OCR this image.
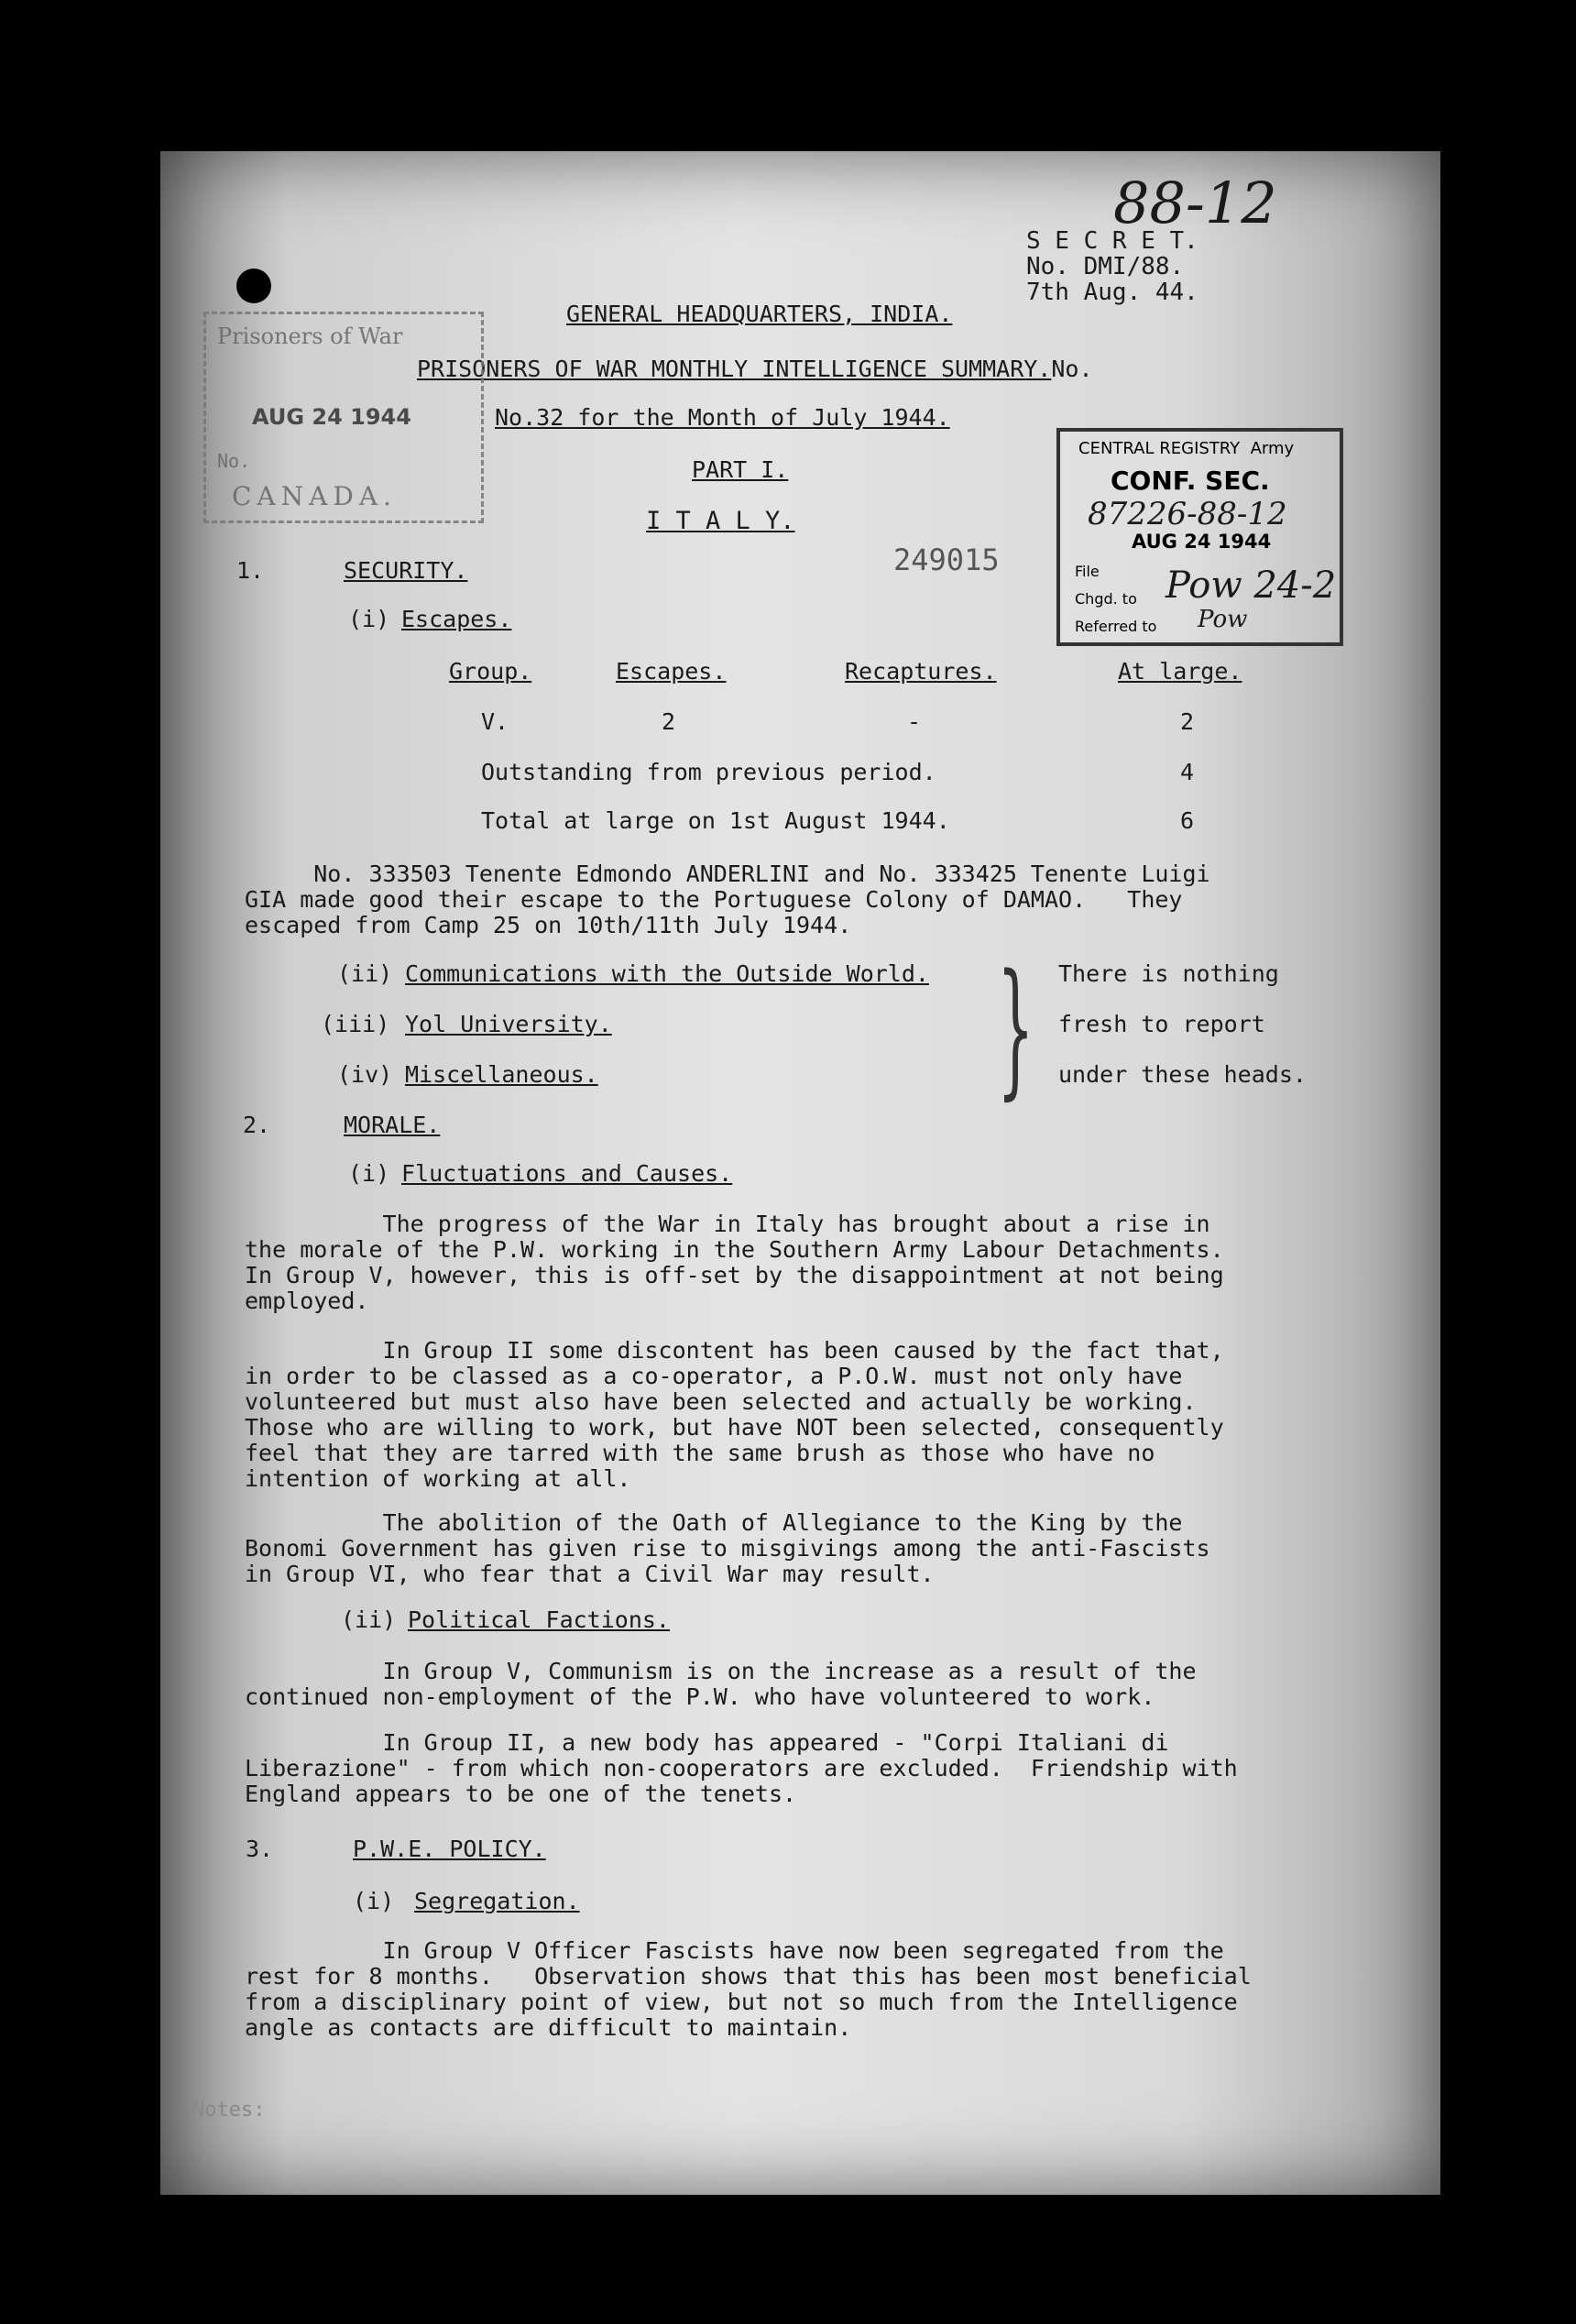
88-12
S E C R E T.
No. DMI/88.
7th Aug. 44.
GENERAL HEADQUARTERS, INDIA.
PRISONERS OF WAR MONTHLY INTELLIGENCE SUMMARY.No.
No.32 for the Month of July 1944.
PART I.
I T A L Y.
Prisoners of War
AUG 24 1944
No.
CANADA.
CENTRAL REGISTRY  Army
CONF. SEC.
87226-88-12
AUG 24 1944
File
Chgd. to Pow 24-2
Referred to Pow
249015
1.	SECURITY.
(i) Escapes.
Group.	Escapes.	Recaptures.	At large.
V.	2	-	2
Outstanding from previous period.	4
Total at large on 1st August 1944.	6
No. 333503 Tenente Edmondo ANDERLINI and No. 333425 Tenente Luigi
GIA made good their escape to the Portuguese Colony of DAMAO.   They
escaped from Camp 25 on 10th/11th July 1944.
(ii) Communications with the Outside World.
(iii) Yol University.
(iv) Miscellaneous.	} There is nothing
fresh to report
under these heads.
2.	MORALE.
(i) Fluctuations and Causes.
The progress of the War in Italy has brought about a rise in
the morale of the P.W. working in the Southern Army Labour Detachments.
In Group V, however, this is off-set by the disappointment at not being
employed.
In Group II some discontent has been caused by the fact that,
in order to be classed as a co-operator, a P.O.W. must not only have
volunteered but must also have been selected and actually be working.
Those who are willing to work, but have NOT been selected, consequently
feel that they are tarred with the same brush as those who have no
intention of working at all.
The abolition of the Oath of Allegiance to the King by the
Bonomi Government has given rise to misgivings among the anti-Fascists
in Group VI, who fear that a Civil War may result.
(ii) Political Factions.
In Group V, Communism is on the increase as a result of the
continued non-employment of the P.W. who have volunteered to work.
In Group II, a new body has appeared - "Corpi Italiani di
Liberazione" - from which non-cooperators are excluded.  Friendship with
England appears to be one of the tenets.
3.	P.W.E. POLICY.
(i) Segregation.
In Group V Officer Fascists have now been segregated from the
rest for 8 months.   Observation shows that this has been most beneficial
from a disciplinary point of view, but not so much from the Intelligence
angle as contacts are difficult to maintain.
Notes:
